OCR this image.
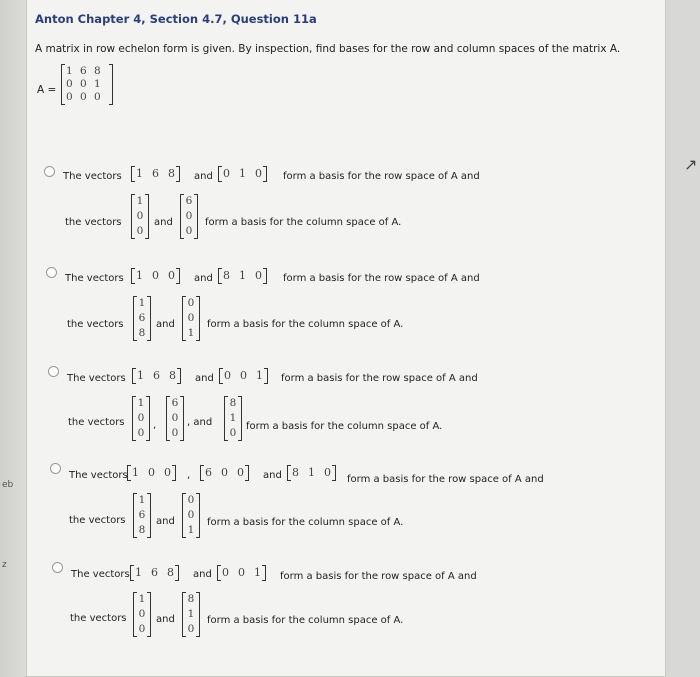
eb
z
Anton Chapter 4, Section 4.7, Question 11a
A matrix in row echelon form is given. By inspection, find bases for the row and column spaces of the matrix A.
A =
1 6 8
0 0 1
0 0 0
The vectors 1 6 8 and 0 1 0 form a basis for the row space of A and
the vectors
1
0
0
and
6
0
0
form a basis for the column space of A.
The vectors 1 0 0 and 8 1 0 form a basis for the row space of A and
the vectors
1
6
8
and
0
0
1
form a basis for the column space of A.
The vectors 1 6 8 and 0 0 1 form a basis for the row space of A and
the vectors
1
0
0
,
6
0
0
, and
8
1
0
form a basis for the column space of A.
The vectors 1 0 0 , 6 0 0 and 8 1 0
form a basis for the row space of A and
the vectors
1
6
8
and
0
0
1
form a basis for the column space of A.
The vectors 1 6 8 and 0 0 1 form a basis for the row space of A and
the vectors
1
0
0
and
8
1
0
form a basis for the column space of A.
↗
